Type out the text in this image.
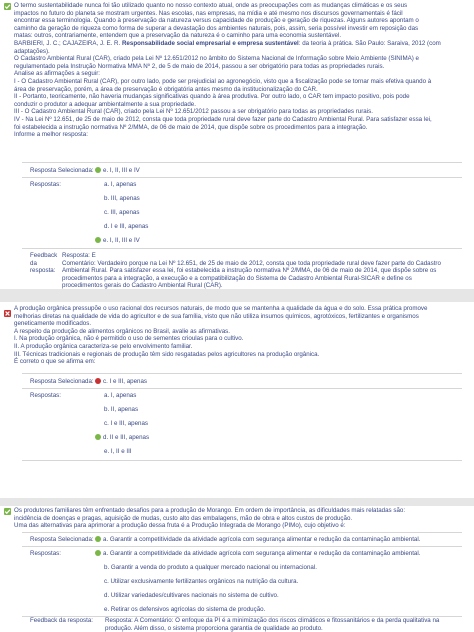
O termo sustentabilidade nunca foi tão utilizado quanto no nosso contexto atual, onde as preocupações com as mudanças climáticas e os seus

impactos no futuro do planeta se mostram urgentes. Nas escolas, nas empresas, na mídia e até mesmo nos discursos governamentais é fácil

encontrar essa terminologia. Quando à preservação da natureza versus capacidade de produção e geração de riquezas. Alguns autores apontam o

caminho da geração de riqueza como forma de superar a devastação dos ambientes naturais, pois, assim, seria possível investir em reposição das

matas: outros, contrariamente, entendem que a preservação da natureza é o caminho para uma economia sustentável.

BARBIERI, J. C.; CAJAZEIRA, J. E. R. Responsabilidade social empresarial e empresa sustentável: da teoria à prática. São Paulo: Saraiva, 2012 (com

adaptações).

O Cadastro Ambiental Rural (CAR), criado pela Lei Nº 12.651/2012 no âmbito do Sistema Nacional de Informação sobre Meio Ambiente (SINIMA) e

regulamentado pela Instrução Normativa MMA Nº 2, de 5 de maio de 2014, passou a ser obrigatório para todas as propriedades rurais.

Analise as afirmações a seguir:

I - O Cadastro Ambiental Rural (CAR), por outro lado, pode ser prejudicial ao agronegócio, visto que a fiscalização pode se tornar mais efetiva quando à

área de preservação, porém, a área de preservação é obrigatória antes mesmo da institucionalização do CAR.

II - Portanto, teoricamente, não haveria mudanças significativas quando à área produtiva. Por outro lado, o CAR tem impacto positivo, pois pode

conduzir o produtor a adequar ambientalmente a sua propriedade.

III - O Cadastro Ambiental Rural (CAR), criado pela Lei Nº 12.651/2012 passou a ser obrigatório para todas as propriedades rurais.

IV - Na Lei Nº 12.651, de 25 de maio de 2012, consta que toda propriedade rural deve fazer parte do Cadastro Ambiental Rural. Para satisfazer essa lei,

foi estabelecida a instrução normativa Nº 2/MMA, de 06 de maio de 2014, que dispõe sobre os procedimentos para a integração.

Informe a melhor resposta:

Resposta Selecionada:	e. I, II, III e IV
Respostas:	a. I, apenas
b. III, apenas
c. III, apenas
d. I e III, apenas
e. I, II, III e IV
Feedback
da
resposta:
Resposta: E
Comentário: Verdadeiro porque na Lei Nº 12.651, de 25 de maio de 2012, consta que toda propriedade rural deve fazer parte do Cadastro
Ambiental Rural. Para satisfazer essa lei, foi estabelecida a instrução normativa Nº 2/MMA, de 06 de maio de 2014, que dispõe sobre os
procedimentos para a integração, a execução e a compatibilização do Sistema de Cadastro Ambiental Rural-SICAR e define os
procedimentos gerais do Cadastro Ambiental Rural (CAR).

A produção orgânica pressupõe o uso racional dos recursos naturais, de modo que se mantenha a qualidade da água e do solo. Essa prática promove

melhorias diretas na qualidade de vida do agricultor e de sua família, visto que não utiliza insumos químicos, agrotóxicos, fertilizantes e organismos

geneticamente modificados.

A respeito da produção de alimentos orgânicos no Brasil, avalie as afirmativas.

I. Na produção orgânica, não é permitido o uso de sementes crioulas para o cultivo.

II. A produção orgânica caracteriza-se pelo envolvimento familiar.

III. Técnicas tradicionais e regionais de produção têm sido resgatadas pelos agricultores na produção orgânica.

É correto o que se afirma em:

Resposta Selecionada:	c. I e III, apenas
Respostas:	a. I, apenas
b. II, apenas
c. I e III, apenas
d. II e III, apenas
e. I, II e III

Os produtores familiares têm enfrentado desafios para a produção de Morango. Em ordem de importância, as dificuldades mais relatadas são:

incidência de doenças e pragas, aquisição de mudas, custo alto das embalagens, mão de obra e altos custos de produção.

Uma das alternativas para aprimorar a produção dessa fruta é a Produção Integrada de Morango (PIMo), cujo objetivo é:

Resposta Selecionada:	a. Garantir a competitividade da atividade agrícola com segurança alimentar e redução da contaminação ambiental.
Respostas:	a. Garantir a competitividade da atividade agrícola com segurança alimentar e redução da contaminação ambiental.
b. Garantir a venda do produto a qualquer mercado nacional ou internacional.
c. Utilizar exclusivamente fertilizantes orgânicos na nutrição da cultura.
d. Utilizar variedades/cultivares nacionais no sistema de cultivo.
e. Retirar os defensivos agrícolas do sistema de produção.
Feedback da resposta: Resposta: A Comentário: O enfoque da PI é a minimização dos riscos climáticos e fitossanitários e da perda qualitativa na produção. Além disso, o sistema proporciona garantia de qualidade ao produto.
